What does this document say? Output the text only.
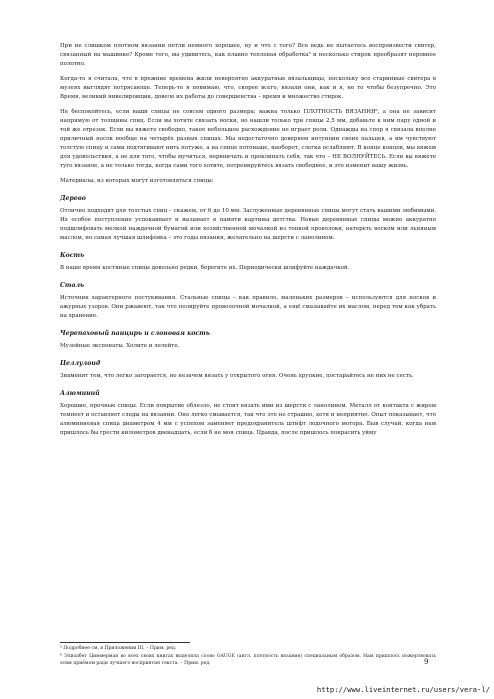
При не слишком плотном вязании петли немного хорошее, ну и что с того? Все ведь не пытаетесь воспроизвести свитер, связанный на машинке? Кроме того, вы удивитесь, как плавно тепловая обработка⁵ и несколько стирок преобразят неровное полотно.

Когда-то я считала, что в прежние времена жили невероятно аккуратные вязальщицы, поскольку все старинные свитера в музеях выглядят потрясающе. Теперь-то я понимаю, что, скорее всего, вязали они, как и я, не то чтобы безупречно. Это Время, великий нивелировщик, довело их работы до совершенства – время и множество стирок.

Не беспокойтесь, если ваши спицы не совсем одного размера; важна только ПЛОТНОСТЬ ВЯЗАНИЯ⁶, а она не зависит напрямую от толщины спиц. Если вы хотите связать носки, но нашли только три спицы 2,5 мм, добавьте к ним пару одной и той же отрезок. Если вы вяжете свободно, такое небольшое расхождение не играет роли. Однажды на спор я связала вполне приличный носок вообще на четырёх разных спицах. Мы недостаточно доверяем интуиции своих пальцев, а им чувствуют толстую спицу и сами подтягивают нить потуже, а на спице потоньше, наоборот, слегка ослабляют. В конце концов, мы вяжем для удовольствия, а не для того, чтобы мучиться, нервничать и проклинать себя, так что – НЕ ВОЛНУЙТЕСЬ. Если вы вяжете туго вязаное, а не только тогда, когда сами того хотите, потренируйтесь вязать свободнее, и это изменит вашу жизнь.

Материалы, из которых могут изготовляться спицы:

Дерево

Отлично подходят для толстых спиц – скажем, от 6 до 10 мм. Заслуженные деревянные спицы могут стать вашими любимыми. Их особое поступление успокаивает и вызывает в памяти картины детства. Новые деревянные спицы можно аккуратно подшлифовать мелкой наждачной бумагой или хозяйственной мочалкой из тонкой проволоки, натереть воском или льняным маслом, но самая лучшая шлифовка – это годы вязания, желательно на шерсти с ланолином.

Кость

В наше время костяные спицы довольно редки, берегите их. Периодически шлифуйте наждачкой.

Сталь

Источник характерного постукивания. Стальные спицы – как правило, маленьких размеров – используются для носков и ажурных узоров. Они ржавеют, так что полируйте проволочной мочалкой, а ещё смазывайте их маслом, перед тем как убрать на хранение.

Черепаховый панцирь и слоновая кость

Музейные экспонаты. Холите и лелейте.

Целлулоид

Знаменит тем, что легко загорается, но незачем вязать у открытого огня. Очень хрупкие, постарайтесь не них не сесть.

Алюминий

Хорошие, прочные спицы. Если покрытие облезло, не стоит вязать ими из шерсти с ланолином. Металл от контакта с жиром темнеет и оставляет следы на вязании. Оно легко смывается, так что это не страшно, хотя и неприятно. Опыт показывает, что алюминиевая спица диаметром 4 мм с успехом заменяет предохранитель штифт лодочного мотора. Быв случай, когда нам пришлось бы грести километров двенадцать, если б не моя спица. Правда, после пришлось покрасить уйму

⁵ Подробнее см. в Приложении III. – Прим. ред.

⁶ Элизабет Циммерман во всех своих книгах выделяла слово GAUGE (англ. плотность вязания) специальным образом. Нам пришлось пожертвовать этим приёмом ради лучшего восприятия текста. – Прим. ред.	9
http://www.liveinternet.ru/users/vera-l/
